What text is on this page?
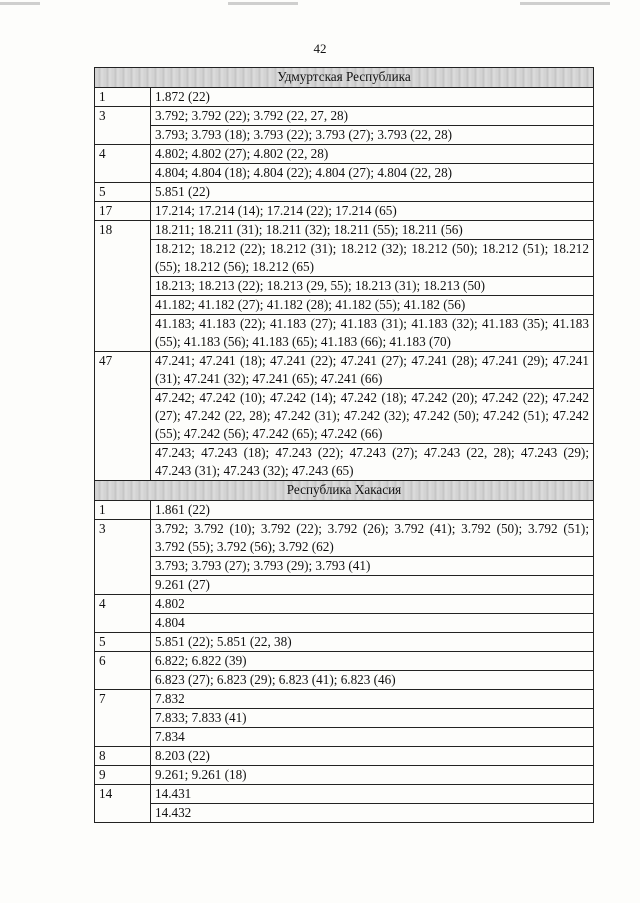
42
Удмуртская Республика	
1	1.872 (22)
3	3.792; 3.792 (22); 3.792 (22, 27, 28)
	3.793; 3.793 (18); 3.793 (22); 3.793 (27); 3.793 (22, 28)
4	4.802; 4.802 (27); 4.802 (22, 28)
	4.804; 4.804 (18); 4.804 (22); 4.804 (27); 4.804 (22, 28)
5	5.851 (22)
17	17.214; 17.214 (14); 17.214 (22); 17.214 (65)
18	18.211; 18.211 (31); 18.211 (32); 18.211 (55); 18.211 (56)
	18.212; 18.212 (22); 18.212 (31); 18.212 (32); 18.212 (50); 18.212 (51); 18.212 (55); 18.212 (56); 18.212 (65)
	18.213; 18.213 (22); 18.213 (29, 55); 18.213 (31); 18.213 (50)
	41.182; 41.182 (27); 41.182 (28); 41.182 (55); 41.182 (56)
	41.183; 41.183 (22); 41.183 (27); 41.183 (31); 41.183 (32); 41.183 (35); 41.183 (55); 41.183 (56); 41.183 (65); 41.183 (66); 41.183 (70)
47	47.241; 47.241 (18); 47.241 (22); 47.241 (27); 47.241 (28); 47.241 (29); 47.241 (31); 47.241 (32); 47.241 (65); 47.241 (66)
	47.242; 47.242 (10); 47.242 (14); 47.242 (18); 47.242 (20); 47.242 (22); 47.242 (27); 47.242 (22, 28); 47.242 (31); 47.242 (32); 47.242 (50); 47.242 (51); 47.242 (55); 47.242 (56); 47.242 (65); 47.242 (66)
	47.243; 47.243 (18); 47.243 (22); 47.243 (27); 47.243 (22, 28); 47.243 (29); 47.243 (31); 47.243 (32); 47.243 (65)
Республика Хакасия	
1	1.861 (22)
3	3.792; 3.792 (10); 3.792 (22); 3.792 (26); 3.792 (41); 3.792 (50); 3.792 (51); 3.792 (55); 3.792 (56); 3.792 (62)
	3.793; 3.793 (27); 3.793 (29); 3.793 (41)
	9.261 (27)
4	4.802
	4.804
5	5.851 (22); 5.851 (22, 38)
6	6.822; 6.822 (39)
	6.823 (27); 6.823 (29); 6.823 (41); 6.823 (46)
7	7.832
	7.833; 7.833 (41)
	7.834
8	8.203 (22)
9	9.261; 9.261 (18)
14	14.431
	14.432
